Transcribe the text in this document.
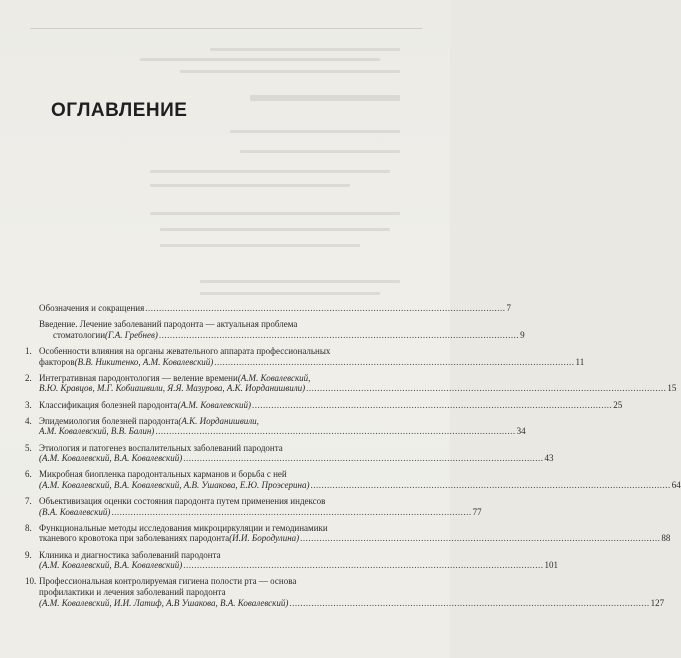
ОГЛАВЛЕНИЕ
Обозначения и сокращения ................................................................................................................................... 7
Введение. Лечение заболеваний пародонта — актуальная проблема
стоматологии (Г.А. Гребнев) ................................................................................................................................... 9
1. Особенности влияния на органы жевательного аппарата профессиональных
факторов (В.В. Никитенко, А.М. Ковалевский) ................................................................................................................................... 11
2. Интегративная пародонтология — веление времени (А.М. Ковалевский,
В.Ю. Кравцов, М.Г. Кобиашвили, Я.Я. Мазурова, А.К. Иорданишвили) ................................................................................................................................... 15
3. Классификация болезней пародонта (А.М. Ковалевский) ................................................................................................................................... 25
4. Эпидемиология болезней пародонта (А.К. Иорданишвили,
А.М. Ковалевский, В.В. Балин) ................................................................................................................................... 34
5. Этиология и патогенез воспалительных заболеваний пародонта
(А.М. Ковалевский, В.А. Ковалевский) ................................................................................................................................... 43
6. Микробная биопленка пародонтальных карманов и борьба с ней
(А.М. Ковалевский, В.А. Ковалевский, А.В. Ушакова, Е.Ю. Проэсерина) ................................................................................................................................... 64
7. Объективизация оценки состояния пародонта путем применения индексов
(В.А. Ковалевский) ................................................................................................................................... 77
8. Функциональные методы исследования микроциркуляции и гемодинамики
тканевого кровотока при заболеваниях пародонта (И.И. Бородулина) ................................................................................................................................... 88
9. Клиника и диагностика заболеваний пародонта
(А.М. Ковалевский, В.А. Ковалевский) ................................................................................................................................... 101
10. Профессиональная контролируемая гигиена полости рта — основа
профилактики и лечения заболеваний пародонта
(А.М. Ковалевский, И.И. Латиф, А.В Ушакова, В.А. Ковалевский) ................................................................................................................................... 127
